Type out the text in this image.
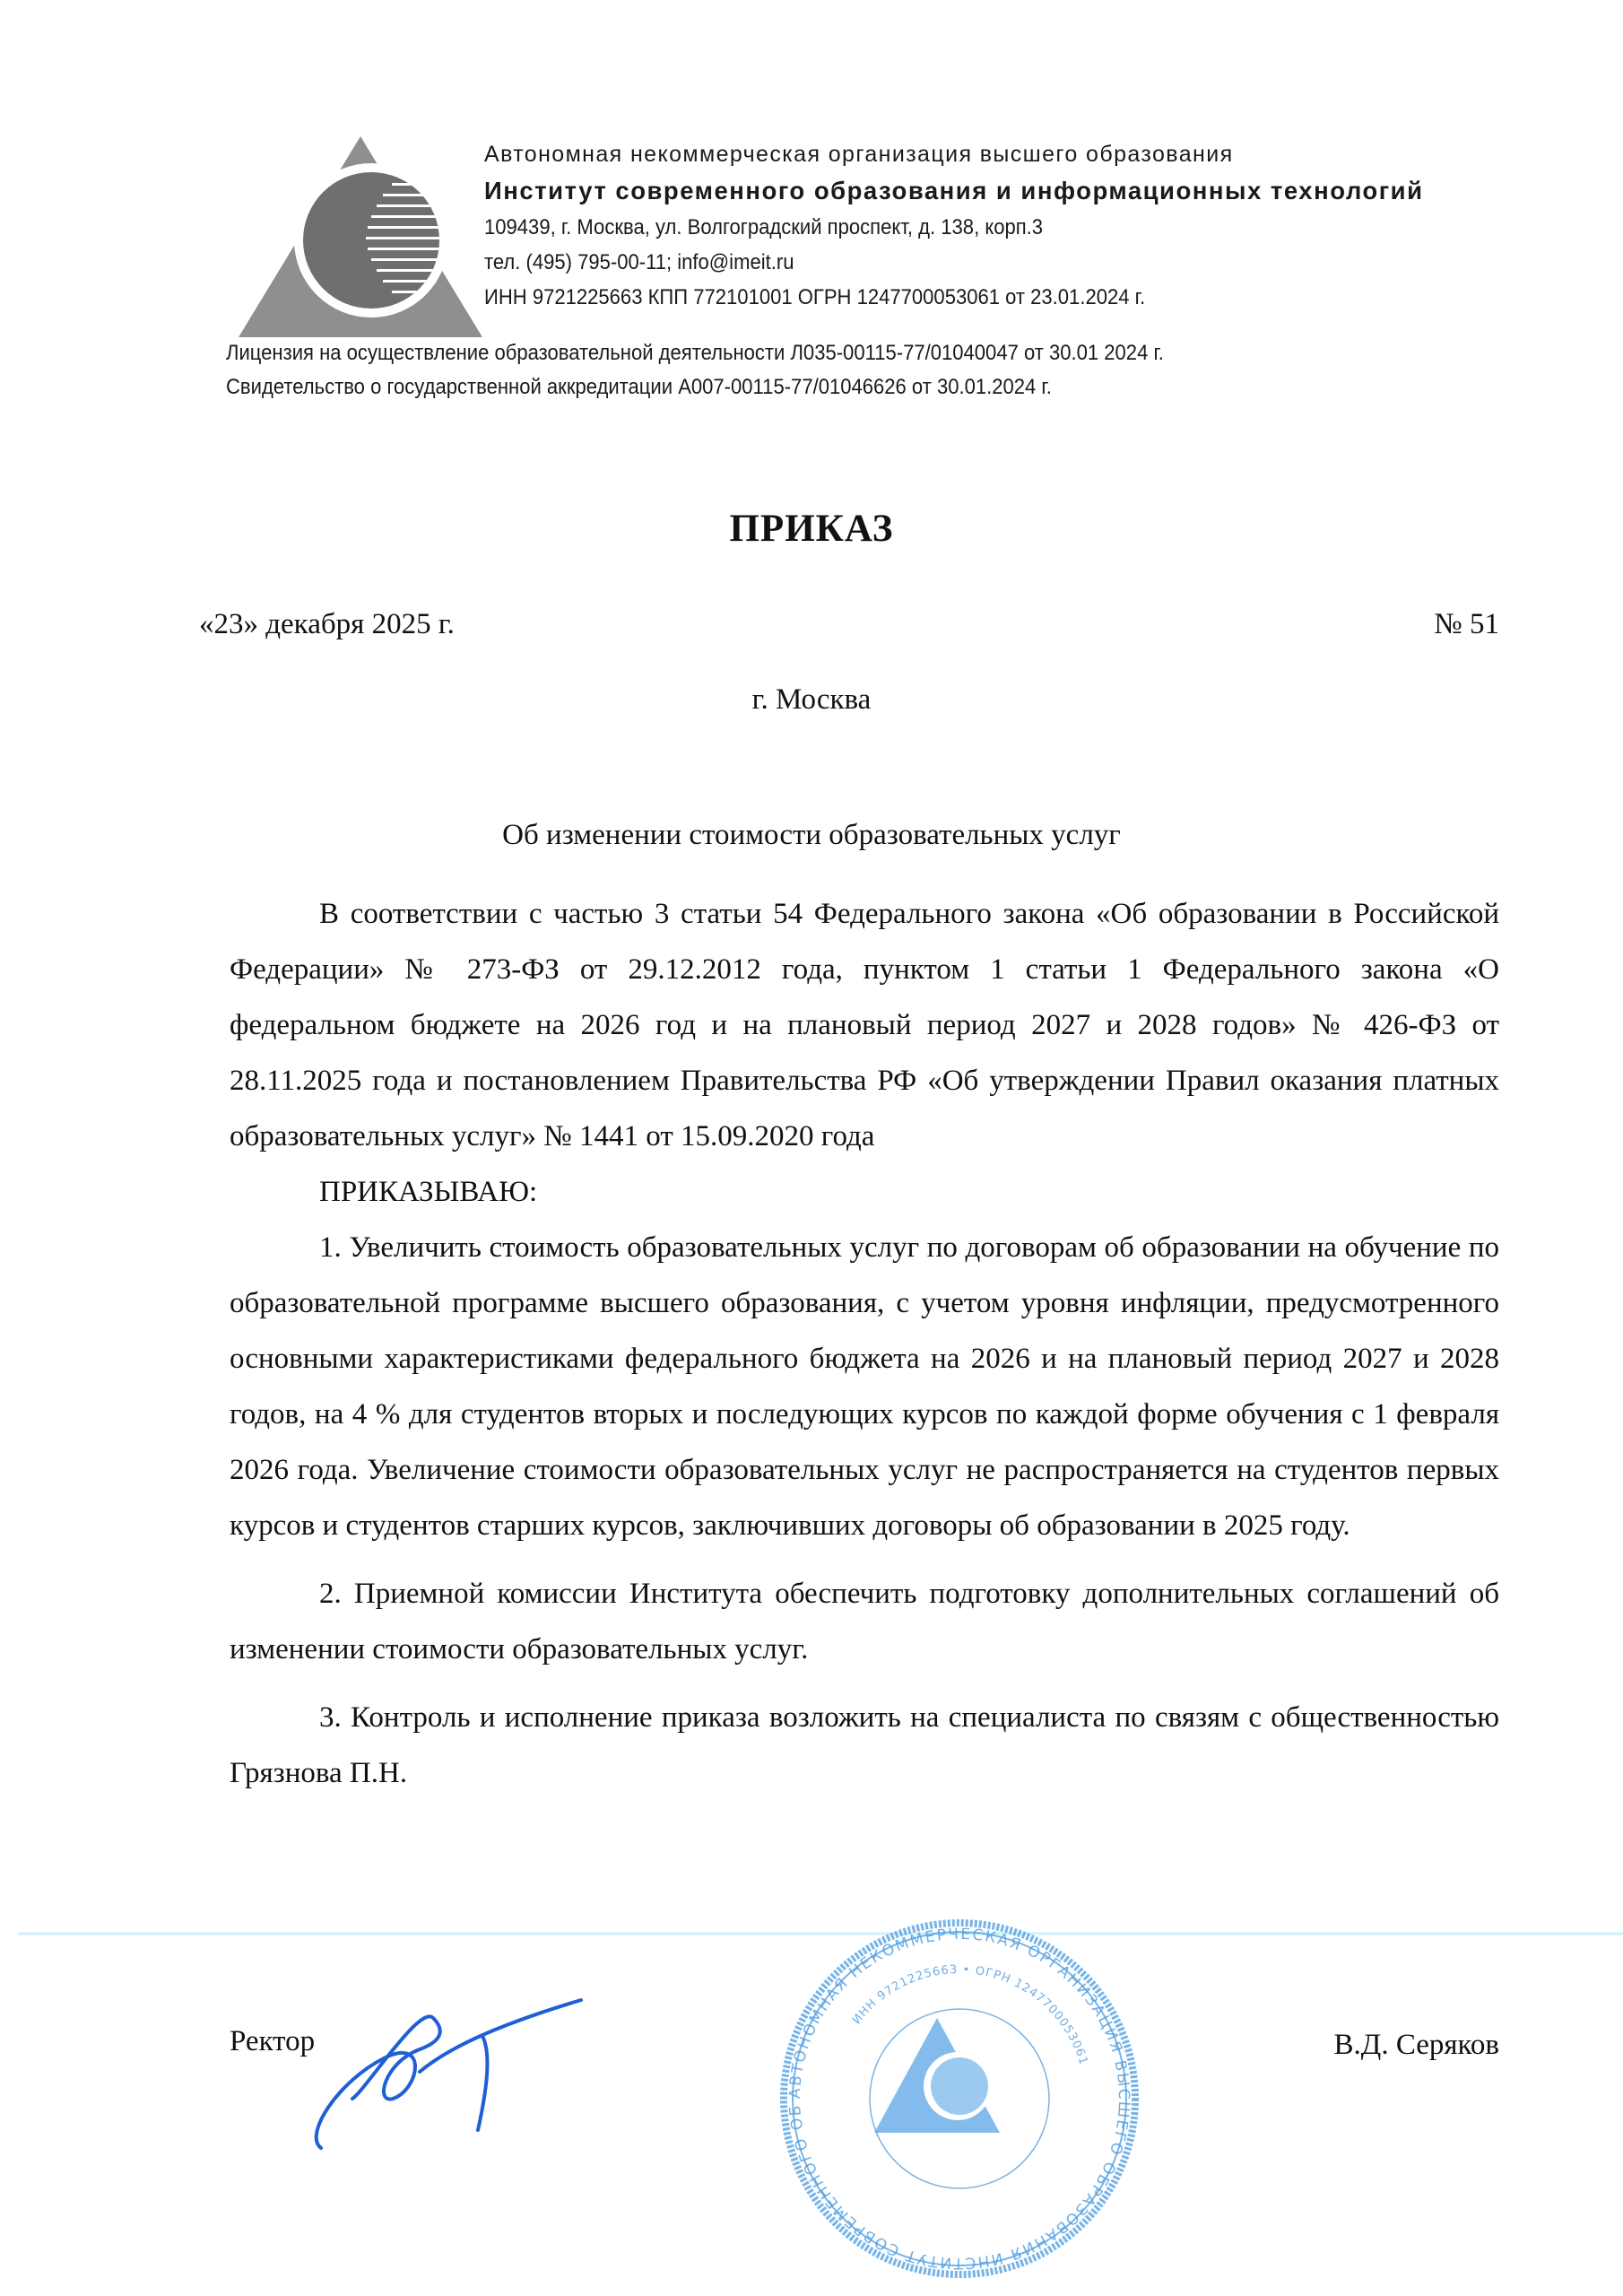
Автономная некоммерческая организация высшего образования
Институт современного образования и информационных технологий
109439, г. Москва, ул. Волгоградский проспект, д. 138, корп.3
тел. (495) 795-00-11; info@imeit.ru
ИНН 9721225663 КПП 772101001 ОГРН 1247700053061 от 23.01.2024 г.
Лицензия на осуществление образовательной деятельности Л035-00115-77/01040047 от 30.01 2024 г.
Свидетельство о государственной аккредитации А007-00115-77/01046626 от 30.01.2024 г.
ПРИКАЗ
«23» декабря 2025 г.	№ 51
г. Москва
Об изменении стоимости образовательных услуг

В соответствии с частью 3 статьи 54 Федерального закона «Об образовании в Российской Федерации» № 273-ФЗ от 29.12.2012 года, пунктом 1 статьи 1 Федерального закона «О федеральном бюджете на 2026 год и на плановый период 2027 и 2028 годов» № 426-ФЗ от 28.11.2025 года и постановлением Правительства РФ «Об утверждении Правил оказания платных образовательных услуг» № 1441 от 15.09.2020 года

ПРИКАЗЫВАЮ:

1. Увеличить стоимость образовательных услуг по договорам об образовании на обучение по образовательной программе высшего образования, с учетом уровня инфляции, предусмотренного основными характеристиками федерального бюджета на 2026 и на плановый период 2027 и 2028 годов, на 4 % для студентов вторых и последующих курсов по каждой форме обучения с 1 февраля 2026 года. Увеличение стоимости образовательных услуг не распространяется на студентов первых курсов и студентов старших курсов, заключивших договоры об образовании в 2025 году.

2. Приемной комиссии Института обеспечить подготовку дополнительных соглашений об изменении стоимости образовательных услуг.

3. Контроль и исполнение приказа возложить на специалиста по связям с общественностью Грязнова П.Н.

Ректор	В.Д. Серяков
АВТОНОМНАЯ НЕКОММЕРЧЕСКАЯ ОРГАНИЗАЦИЯ ВЫСШЕГО ОБРАЗОВАНИЯ ИНСТИТУТ СОВРЕМЕННОГО ОБ
ИНН 9721225663 • ОГРН 1247700053061
